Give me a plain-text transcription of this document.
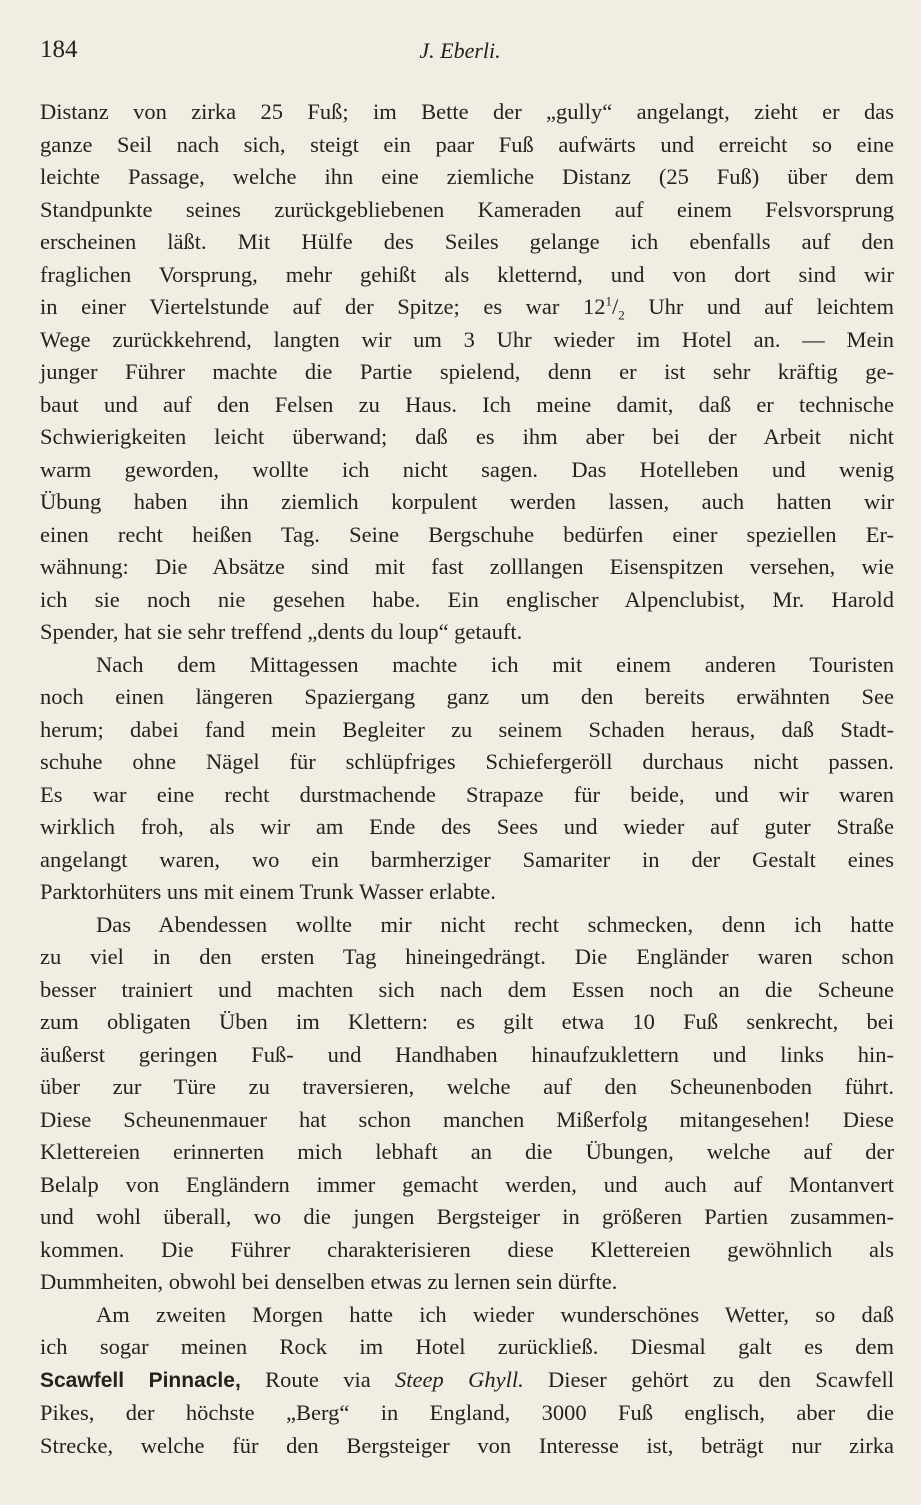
184	J. Eberli.
Distanz von zirka 25 Fuß; im Bette der „gully“ angelangt, zieht er das
ganze Seil nach sich, steigt ein paar Fuß aufwärts und erreicht so eine
leichte Passage, welche ihn eine ziemliche Distanz (25 Fuß) über dem
Standpunkte seines zurückgebliebenen Kameraden auf einem Felsvorsprung
erscheinen läßt. Mit Hülfe des Seiles gelange ich ebenfalls auf den
fraglichen Vorsprung, mehr gehißt als kletternd, und von dort sind wir
in einer Viertelstunde auf der Spitze; es war $12^1/_2$ Uhr und auf leichtem
Wege zurückkehrend, langten wir um 3 Uhr wieder im Hotel an. — Mein
junger Führer machte die Partie spielend, denn er ist sehr kräftig ge-
baut und auf den Felsen zu Haus. Ich meine damit, daß er technische
Schwierigkeiten leicht überwand; daß es ihm aber bei der Arbeit nicht
warm geworden, wollte ich nicht sagen. Das Hotelleben und wenig
Übung haben ihn ziemlich korpulent werden lassen, auch hatten wir
einen recht heißen Tag. Seine Bergschuhe bedürfen einer speziellen Er-
wähnung: Die Absätze sind mit fast zolllangen Eisenspitzen versehen, wie
ich sie noch nie gesehen habe. Ein englischer Alpenclubist, Mr. Harold
Spender, hat sie sehr treffend „dents du loup“ getauft.
Nach dem Mittagessen machte ich mit einem anderen Touristen
noch einen längeren Spaziergang ganz um den bereits erwähnten See
herum; dabei fand mein Begleiter zu seinem Schaden heraus, daß Stadt-
schuhe ohne Nägel für schlüpfriges Schiefergeröll durchaus nicht passen.
Es war eine recht durstmachende Strapaze für beide, und wir waren
wirklich froh, als wir am Ende des Sees und wieder auf guter Straße
angelangt waren, wo ein barmherziger Samariter in der Gestalt eines
Parktorhüters uns mit einem Trunk Wasser erlabte.
Das Abendessen wollte mir nicht recht schmecken, denn ich hatte
zu viel in den ersten Tag hineingedrängt. Die Engländer waren schon
besser trainiert und machten sich nach dem Essen noch an die Scheune
zum obligaten Üben im Klettern: es gilt etwa 10 Fuß senkrecht, bei
äußerst geringen Fuß- und Handhaben hinaufzuklettern und links hin-
über zur Türe zu traversieren, welche auf den Scheunenboden führt.
Diese Scheunenmauer hat schon manchen Mißerfolg mitangesehen! Diese
Klettereien erinnerten mich lebhaft an die Übungen, welche auf der
Belalp von Engländern immer gemacht werden, und auch auf Montanvert
und wohl überall, wo die jungen Bergsteiger in größeren Partien zusammen-
kommen. Die Führer charakterisieren diese Klettereien gewöhnlich als
Dummheiten, obwohl bei denselben etwas zu lernen sein dürfte.
Am zweiten Morgen hatte ich wieder wunderschönes Wetter, so daß
ich sogar meinen Rock im Hotel zurückließ. Diesmal galt es dem
Scawfell Pinnacle, Route via Steep Ghyll. Dieser gehört zu den Scawfell
Pikes, der höchste „Berg“ in England, 3000 Fuß englisch, aber die
Strecke, welche für den Bergsteiger von Interesse ist, beträgt nur zirka
